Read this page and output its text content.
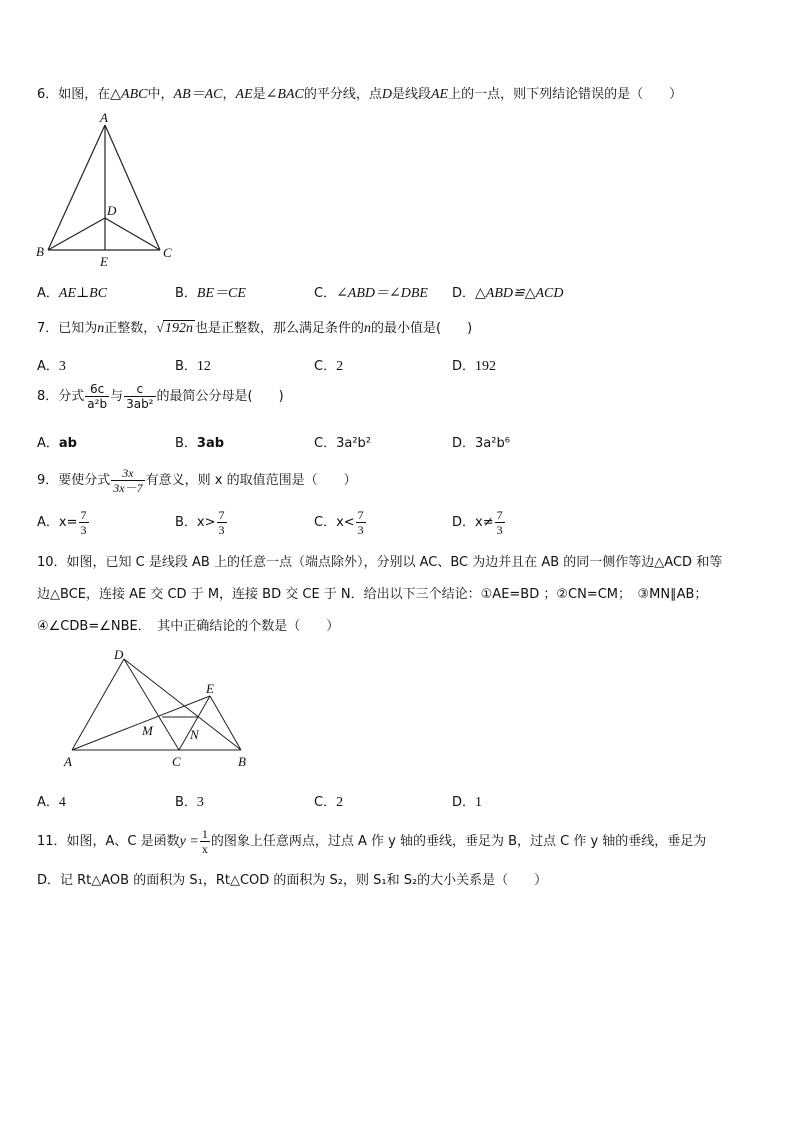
6．如图，在△ABC中，AB＝AC，AE是∠BAC的平分线，点D是线段AE上的一点，则下列结论错误的是（　　）
A
D
B	C
E
A．AE⊥BC	B．BE＝CE	C．∠ABD＝∠DBE D．△ABD≌△ACD
7．已知为n正整数，√192n 也是正整数，那么满足条件的n的最小值是(　　)
A．3	B．12	C．2	D．192
8．分式 $\frac{6c}{\text{a²b}}$ 与 $\frac{c}{\text{3ab²}}$ 的最简公分母是(　　)
A．ab	B．3ab	C．3a²b²	D．3a²b⁶
9．要使分式 $\frac{3x}{3x-7}$ 有意义，则 x 的取值范围是（　　）
A．$x= \frac{7}{3}$	B．$x> \frac{7}{3}$	C．$x< \frac{7}{3}$	D．$x\ne \frac{7}{3}$
10．如图，已知 C 是线段 AB 上的任意一点（端点除外），分别以 AC、BC 为边并且在 AB 的同一侧作等边△ACD 和等
边△BCE，连接 AE 交 CD 于 M，连接 BD 交 CE 于 N．给出以下三个结论：①AE=BD ；②CN=CM；　③MN∥AB；
④∠CDB=∠NBE．　其中正确结论的个数是（　　）
D
E
M	N
A	C	B
A．4	B．3	C．2	D．1
11．如图，A、C 是函数$y = \frac{1}{x}$ 的图象上任意两点，过点 A 作 y 轴的垂线，垂足为 B，过点 C 作 y 轴的垂线，垂足为
D．记 Rt△AOB 的面积为 S₁，Rt△COD 的面积为 S₂，则 S₁和 S₂的大小关系是（　　）
